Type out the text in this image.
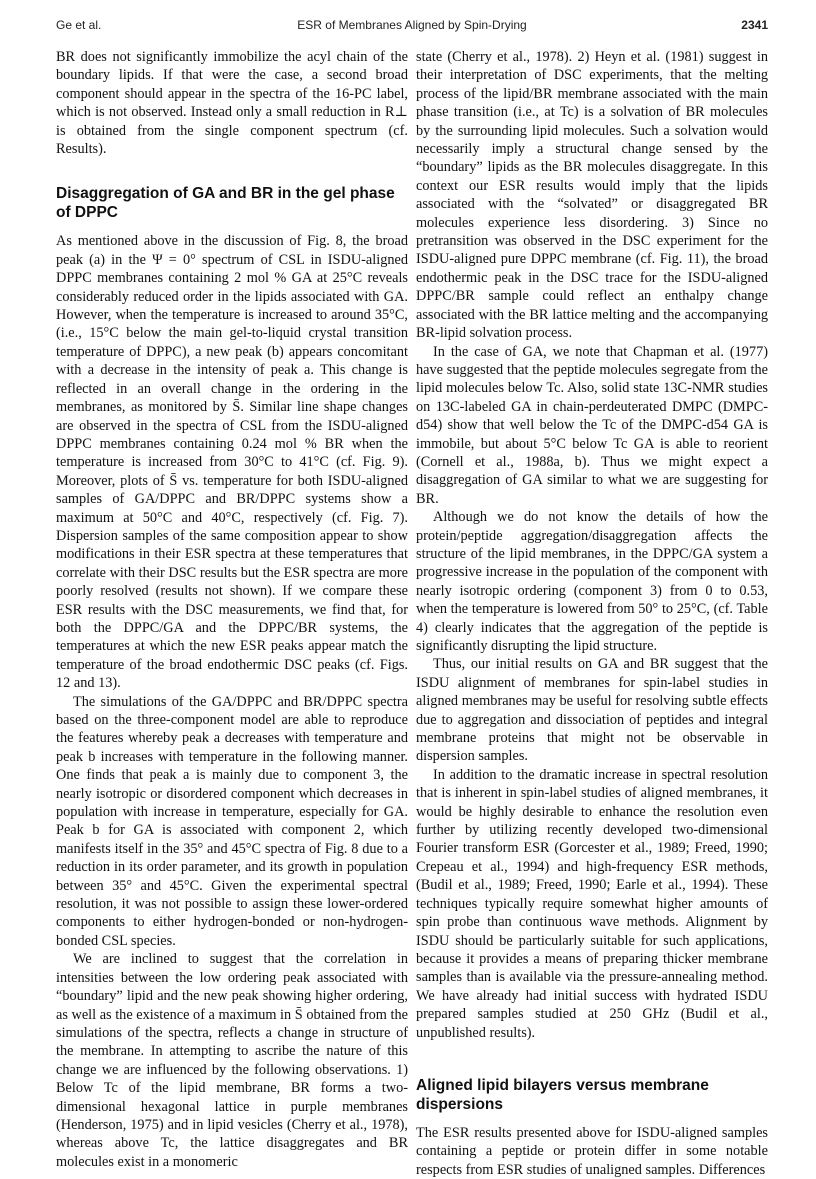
Ge et al.	ESR of Membranes Aligned by Spin-Drying	2341

BR does not significantly immobilize the acyl chain of the boundary lipids. If that were the case, a second broad component should appear in the spectra of the 16-PC label, which is not observed. Instead only a small reduction in R⊥ is obtained from the single component spectrum (cf. Results).

Disaggregation of GA and BR in the gel phase of DPPC

As mentioned above in the discussion of Fig. 8, the broad peak (a) in the Ψ = 0° spectrum of CSL in ISDU-aligned DPPC membranes containing 2 mol % GA at 25°C reveals considerably reduced order in the lipids associated with GA. However, when the temperature is increased to around 35°C, (i.e., 15°C below the main gel-to-liquid crystal transition temperature of DPPC), a new peak (b) appears concomitant with a decrease in the intensity of peak a. This change is reflected in an overall change in the ordering in the membranes, as monitored by S̄. Similar line shape changes are observed in the spectra of CSL from the ISDU-aligned DPPC membranes containing 0.24 mol % BR when the temperature is increased from 30°C to 41°C (cf. Fig. 9). Moreover, plots of S̄ vs. temperature for both ISDU-aligned samples of GA/DPPC and BR/DPPC systems show a maximum at 50°C and 40°C, respectively (cf. Fig. 7). Dispersion samples of the same composition appear to show modifications in their ESR spectra at these temperatures that correlate with their DSC results but the ESR spectra are more poorly resolved (results not shown). If we compare these ESR results with the DSC measurements, we find that, for both the DPPC/GA and the DPPC/BR systems, the temperatures at which the new ESR peaks appear match the temperature of the broad endothermic DSC peaks (cf. Figs. 12 and 13).

The simulations of the GA/DPPC and BR/DPPC spectra based on the three-component model are able to reproduce the features whereby peak a decreases with temperature and peak b increases with temperature in the following manner. One finds that peak a is mainly due to component 3, the nearly isotropic or disordered component which decreases in population with increase in temperature, especially for GA. Peak b for GA is associated with component 2, which manifests itself in the 35° and 45°C spectra of Fig. 8 due to a reduction in its order parameter, and its growth in population between 35° and 45°C. Given the experimental spectral resolution, it was not possible to assign these lower-ordered components to either hydrogen-bonded or non-hydrogen-bonded CSL species.

We are inclined to suggest that the correlation in intensities between the low ordering peak associated with “boundary” lipid and the new peak showing higher ordering, as well as the existence of a maximum in S̄ obtained from the simulations of the spectra, reflects a change in structure of the membrane. In attempting to ascribe the nature of this change we are influenced by the following observations. 1) Below Tc of the lipid membrane, BR forms a two-dimensional hexagonal lattice in purple membranes (Henderson, 1975) and in lipid vesicles (Cherry et al., 1978), whereas above Tc, the lattice disaggregates and BR molecules exist in a monomeric

state (Cherry et al., 1978). 2) Heyn et al. (1981) suggest in their interpretation of DSC experiments, that the melting process of the lipid/BR membrane associated with the main phase transition (i.e., at Tc) is a solvation of BR molecules by the surrounding lipid molecules. Such a solvation would necessarily imply a structural change sensed by the “boundary” lipids as the BR molecules disaggregate. In this context our ESR results would imply that the lipids associated with the “solvated” or disaggregated BR molecules experience less disordering. 3) Since no pretransition was observed in the DSC experiment for the ISDU-aligned pure DPPC membrane (cf. Fig. 11), the broad endothermic peak in the DSC trace for the ISDU-aligned DPPC/BR sample could reflect an enthalpy change associated with the BR lattice melting and the accompanying BR-lipid solvation process.

In the case of GA, we note that Chapman et al. (1977) have suggested that the peptide molecules segregate from the lipid molecules below Tc. Also, solid state 13C-NMR studies on 13C-labeled GA in chain-perdeuterated DMPC (DMPC-d54) show that well below the Tc of the DMPC-d54 GA is immobile, but about 5°C below Tc GA is able to reorient (Cornell et al., 1988a, b). Thus we might expect a disaggregation of GA similar to what we are suggesting for BR.

Although we do not know the details of how the protein/peptide aggregation/disaggregation affects the structure of the lipid membranes, in the DPPC/GA system a progressive increase in the population of the component with nearly isotropic ordering (component 3) from 0 to 0.53, when the temperature is lowered from 50° to 25°C, (cf. Table 4) clearly indicates that the aggregation of the peptide is significantly disrupting the lipid structure.

Thus, our initial results on GA and BR suggest that the ISDU alignment of membranes for spin-label studies in aligned membranes may be useful for resolving subtle effects due to aggregation and dissociation of peptides and integral membrane proteins that might not be observable in dispersion samples.

In addition to the dramatic increase in spectral resolution that is inherent in spin-label studies of aligned membranes, it would be highly desirable to enhance the resolution even further by utilizing recently developed two-dimensional Fourier transform ESR (Gorcester et al., 1989; Freed, 1990; Crepeau et al., 1994) and high-frequency ESR methods, (Budil et al., 1989; Freed, 1990; Earle et al., 1994). These techniques typically require somewhat higher amounts of spin probe than continuous wave methods. Alignment by ISDU should be particularly suitable for such applications, because it provides a means of preparing thicker membrane samples than is available via the pressure-annealing method. We have already had initial success with hydrated ISDU prepared samples studied at 250 GHz (Budil et al., unpublished results).

Aligned lipid bilayers versus membrane dispersions

The ESR results presented above for ISDU-aligned samples containing a peptide or protein differ in some notable respects from ESR studies of unaligned samples. Differences
